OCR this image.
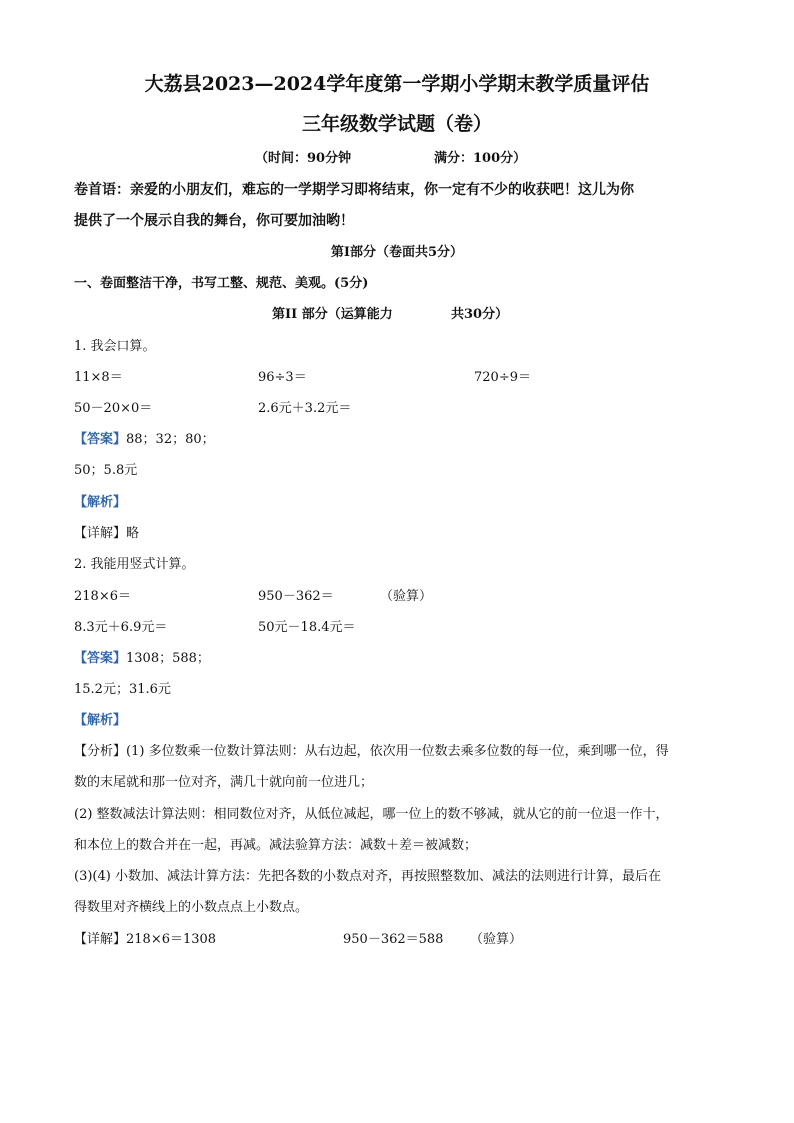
大荔县2023—2024学年度第一学期小学期末教学质量评估
三年级数学试题（卷）
（时间：90分钟	满分：100分）
卷首语：亲爱的小朋友们，难忘的一学期学习即将结束，你一定有不少的收获吧！这儿为你
提供了一个展示自我的舞台，你可要加油哟！
第I部分（卷面共5分）
一、卷面整洁干净，书写工整、规范、美观。(5分)
第II 部分（运算能力	共30分）
1. 我会口算。
11×8＝	96÷3＝	720÷9＝
50－20×0＝	2.6元＋3.2元＝
【答案】88；32；80；
50；5.8元
【解析】
【详解】略
2. 我能用竖式计算。
218×6＝	950－362＝	（验算）
8.3元＋6.9元＝	50元－18.4元＝
【答案】1308；588；
15.2元；31.6元
【解析】
【分析】(1) 多位数乘一位数计算法则：从右边起，依次用一位数去乘多位数的每一位，乘到哪一位，得
数的末尾就和那一位对齐，满几十就向前一位进几；
(2) 整数减法计算法则：相同数位对齐，从低位减起，哪一位上的数不够减，就从它的前一位退一作十，
和本位上的数合并在一起，再减。减法验算方法：减数＋差＝被减数；
(3)(4) 小数加、减法计算方法：先把各数的小数点对齐，再按照整数加、减法的法则进行计算，最后在
得数里对齐横线上的小数点点上小数点。
【详解】218×6＝1308	950－362＝588 （验算）
